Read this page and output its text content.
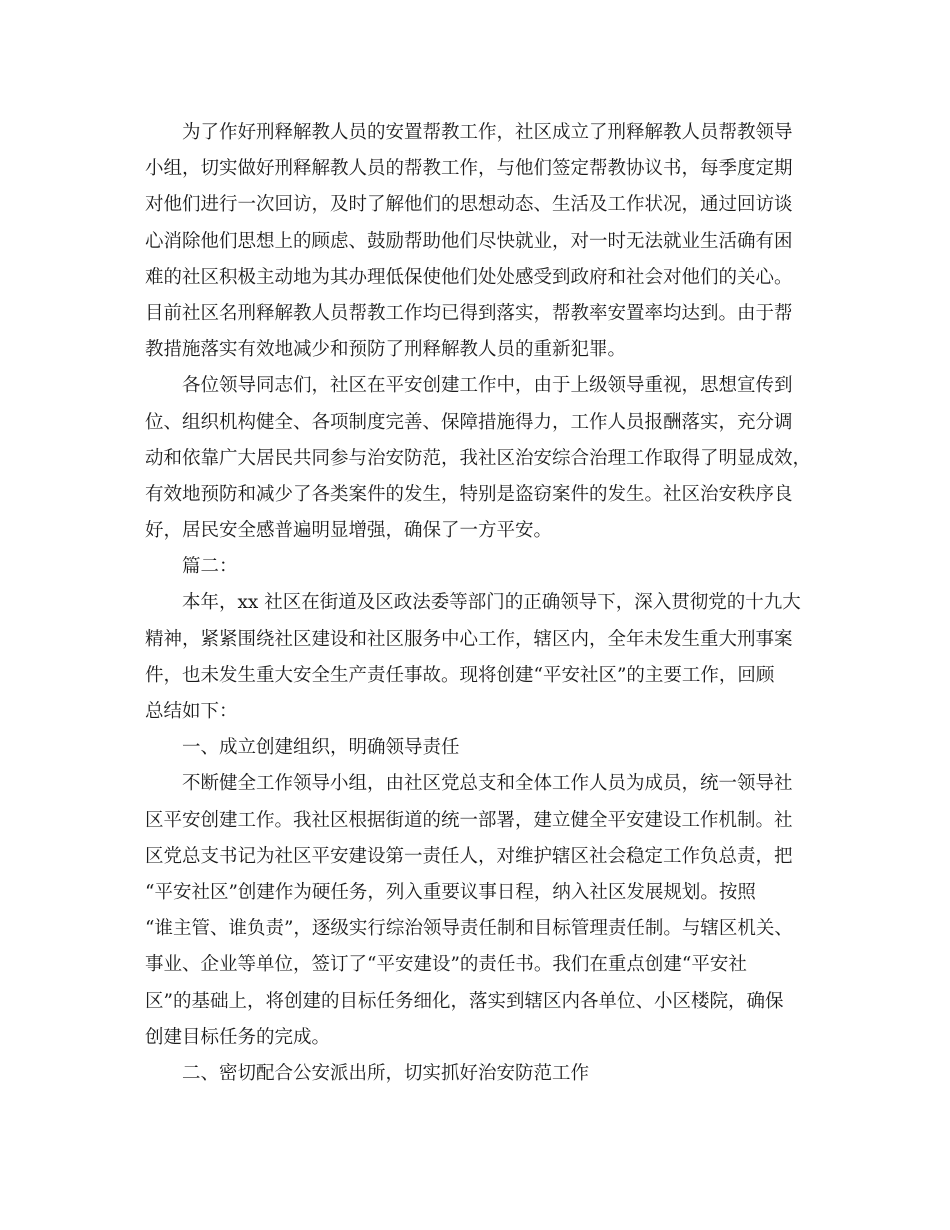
　　为了作好刑释解教人员的安置帮教工作，社区成立了刑释解教人员帮教领导

小组，切实做好刑释解教人员的帮教工作，与他们签定帮教协议书，每季度定期

对他们进行一次回访，及时了解他们的思想动态、生活及工作状况，通过回访谈

心消除他们思想上的顾虑、鼓励帮助他们尽快就业，对一时无法就业生活确有困

难的社区积极主动地为其办理低保使他们处处感受到政府和社会对他们的关心。

目前社区名刑释解教人员帮教工作均已得到落实，帮教率安置率均达到。由于帮

教措施落实有效地减少和预防了刑释解教人员的重新犯罪。

　　各位领导同志们，社区在平安创建工作中，由于上级领导重视，思想宣传到

位、组织机构健全、各项制度完善、保障措施得力，工作人员报酬落实，充分调

动和依靠广大居民共同参与治安防范，我社区治安综合治理工作取得了明显成效，

有效地预防和减少了各类案件的发生，特别是盗窃案件的发生。社区治安秩序良

好，居民安全感普遍明显增强，确保了一方平安。

　　篇二：

　　本年，xx 社区在街道及区政法委等部门的正确领导下，深入贯彻党的十九大

精神，紧紧围绕社区建设和社区服务中心工作，辖区内，全年未发生重大刑事案

件，也未发生重大安全生产责任事故。现将创建“平安社区”的主要工作，回顾

总结如下：

　　一、成立创建组织，明确领导责任

　　不断健全工作领导小组，由社区党总支和全体工作人员为成员，统一领导社

区平安创建工作。我社区根据街道的统一部署，建立健全平安建设工作机制。社

区党总支书记为社区平安建设第一责任人，对维护辖区社会稳定工作负总责，把

“平安社区”创建作为硬任务，列入重要议事日程，纳入社区发展规划。按照

“谁主管、谁负责”，逐级实行综治领导责任制和目标管理责任制。与辖区机关、

事业、企业等单位，签订了“平安建设”的责任书。我们在重点创建“平安社

区”的基础上，将创建的目标任务细化，落实到辖区内各单位、小区楼院，确保

创建目标任务的完成。

　　二、密切配合公安派出所，切实抓好治安防范工作
